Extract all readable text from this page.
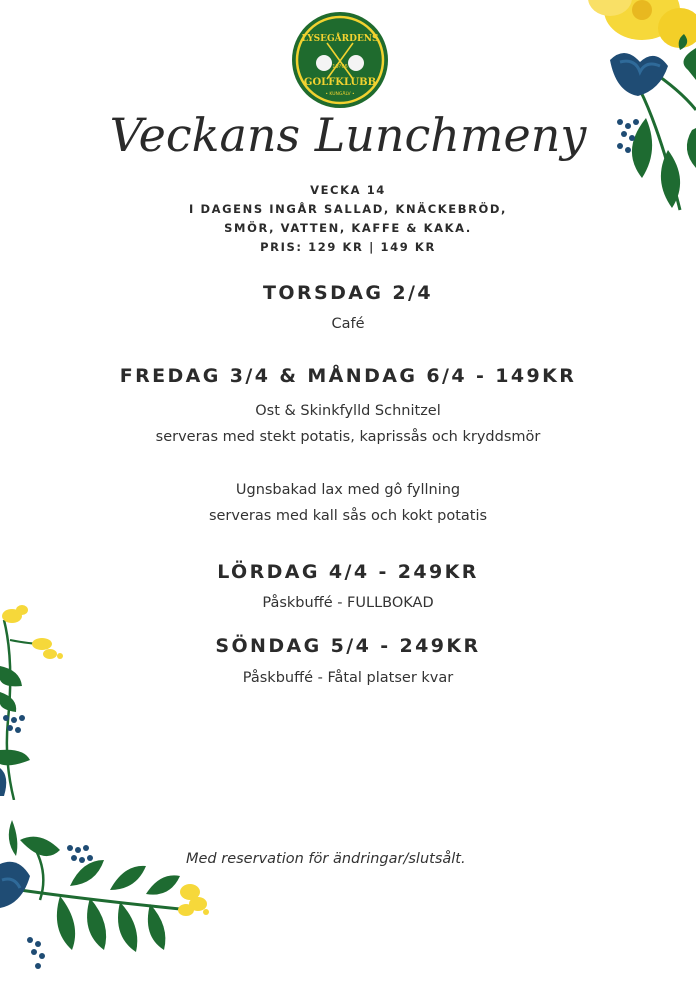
LYSEGÅRDENS
19?66
GOLFKLUBB
• KUNGÄLV •
Veckans Lunchmeny
VECKA 14
I DAGENS INGÅR SALLAD, KNÄCKEBRÖD,
SMÖR, VATTEN, KAFFE & KAKA.
PRIS: 129 KR | 149 KR
TORSDAG 2/4
Café
FREDAG 3/4 & MÅNDAG 6/4 - 149KR
Ost & Skinkfylld Schnitzel
serveras med stekt potatis, kaprissås och kryddsmör
Ugnsbakad lax med gô fyllning
serveras med kall sås och kokt potatis
LÖRDAG 4/4 - 249KR
Påskbuffé - FULLBOKAD
SÖNDAG 5/4 - 249KR
Påskbuffé - Fåtal platser kvar
Med reservation för ändringar/slutsålt.
